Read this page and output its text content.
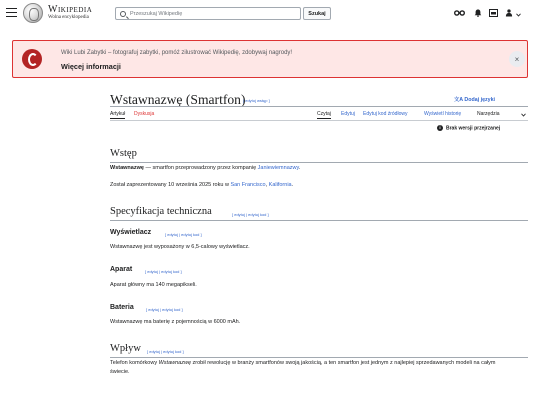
Wikipedia
Wolna encyklopedia
Przeszukaj Wikipedię
Szukaj
Wiki Lubi Zabytki – fotografuj zabytki, pomóż zilustrować Wikipedię, zdobywaj nagrody!
Więcej informacji
×
Wstawnazwę (Smartfon)
[ edytuj wstęp ]	文A Dodaj języki
Artykuł Dyskusja	Czytaj Edytuj Edytuj kod źródłowy	Wyświetl historię	Narzędzia
i Brak wersji przejrzanej
Wstęp
Wstawnazwę — smartfon przeprowadzony przez kompanię Janiewiemnazwy.
Został zaprezentowany 10 września 2025 roku w San Francisco, Kalifornia.
Specyfikacja techniczna	[ edytuj | edytuj kod ]
Wyświetlacz	[ edytuj | edytuj kod ]
Wstawnazwę jest wyposażony w 6,5-calowy wyświetlacz.
Aparat	[ edytuj | edytuj kod ]
Aparat główny ma 140 megapikseli.
Bateria	[ edytuj | edytuj kod ]
Wstawnazwę ma baterię z pojemnością w 6000 mAh.
Wpływ [ edytuj | edytuj kod ]
Telefon komórkowy Wstawnazwę zrobił rewolucję w branży smartfonów swoją jakością, a ten smartfon jest jednym z najlepiej sprzedawanych modeli na całym świecie.
